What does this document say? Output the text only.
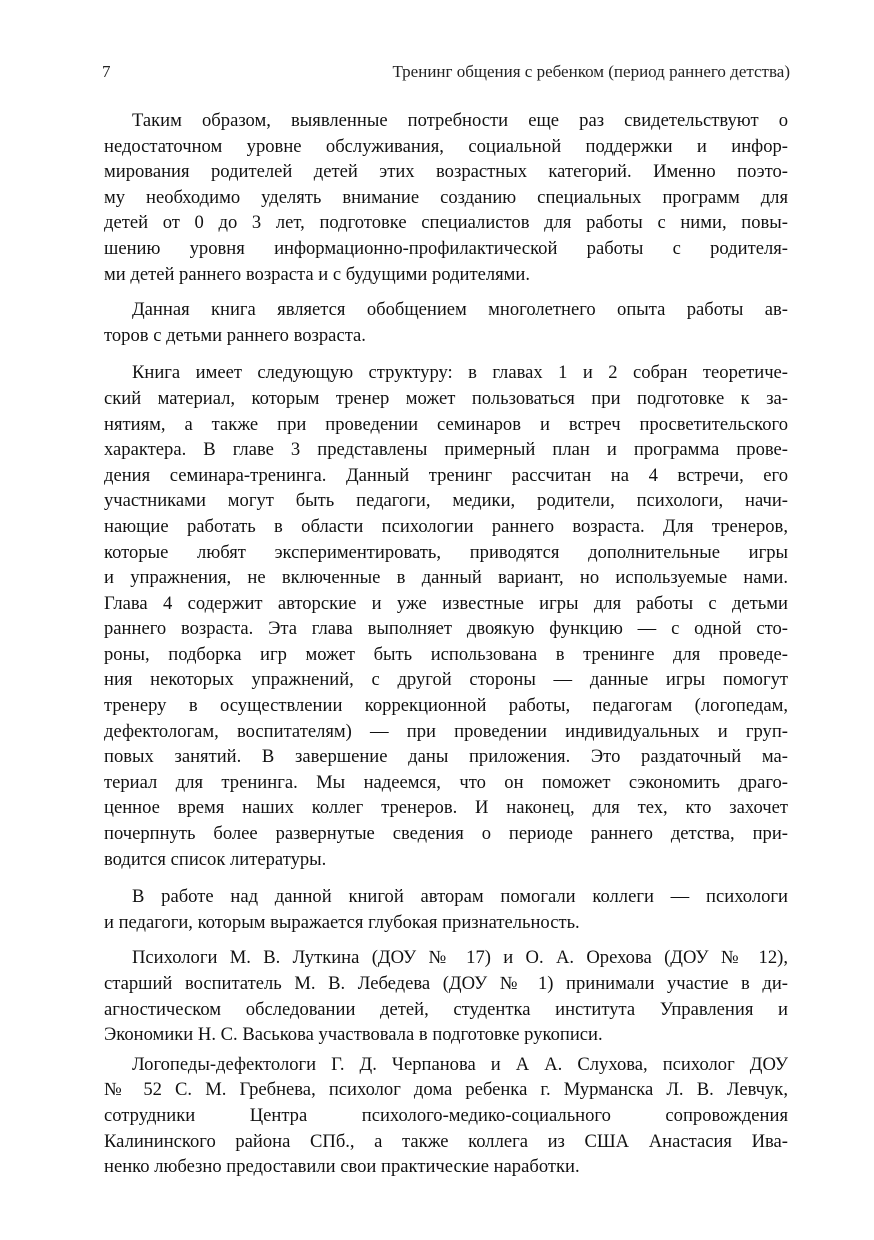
7	Тренинг общения с ребенком (период раннего детства)

Таким образом, выявленные потребности еще раз свидетельствуют о
недостаточном уровне обслуживания, социальной поддержки и инфор-
мирования родителей детей этих возрастных категорий. Именно поэто-
му необходимо уделять внимание созданию специальных программ для
детей от 0 до 3 лет, подготовке специалистов для работы с ними, повы-
шению уровня информационно-профилактической работы с родителя-
ми детей раннего возраста и с будущими родителями.

Данная книга является обобщением многолетнего опыта работы ав-
торов с детьми раннего возраста.

Книга имеет следующую структуру: в главах 1 и 2 собран теоретиче-
ский материал, которым тренер может пользоваться при подготовке к за-
нятиям, а также при проведении семинаров и встреч просветительского
характера. В главе 3 представлены примерный план и программа прове-
дения семинара-тренинга. Данный тренинг рассчитан на 4 встречи, его
участниками могут быть педагоги, медики, родители, психологи, начи-
нающие работать в области психологии раннего возраста. Для тренеров,
которые любят экспериментировать, приводятся дополнительные игры
и упражнения, не включенные в данный вариант, но используемые нами.
Глава 4 содержит авторские и уже известные игры для работы с детьми
раннего возраста. Эта глава выполняет двоякую функцию — с одной сто-
роны, подборка игр может быть использована в тренинге для проведе-
ния некоторых упражнений, с другой стороны — данные игры помогут
тренеру в осуществлении коррекционной работы, педагогам (логопедам,
дефектологам, воспитателям) — при проведении индивидуальных и груп-
повых занятий. В завершение даны приложения. Это раздаточный ма-
териал для тренинга. Мы надеемся, что он поможет сэкономить драго-
ценное время наших коллег тренеров. И наконец, для тех, кто захочет
почерпнуть более развернутые сведения о периоде раннего детства, при-
водится список литературы.

В работе над данной книгой авторам помогали коллеги — психологи
и педагоги, которым выражается глубокая признательность.

Психологи М. В. Луткина (ДОУ № 17) и О. А. Орехова (ДОУ № 12),
старший воспитатель М. В. Лебедева (ДОУ № 1) принимали участие в ди-
агностическом обследовании детей, студентка института Управления и
Экономики Н. С. Васькова участвовала в подготовке рукописи.

Логопеды-дефектологи Г. Д. Черпанова и А А. Слухова, психолог ДОУ
№ 52 С. М. Гребнева, психолог дома ребенка г. Мурманска Л. В. Левчук,
сотрудники Центра психолого-медико-социального сопровождения
Калининского района СПб., а также коллега из США Анастасия Ива-
ненко любезно предоставили свои практические наработки.
